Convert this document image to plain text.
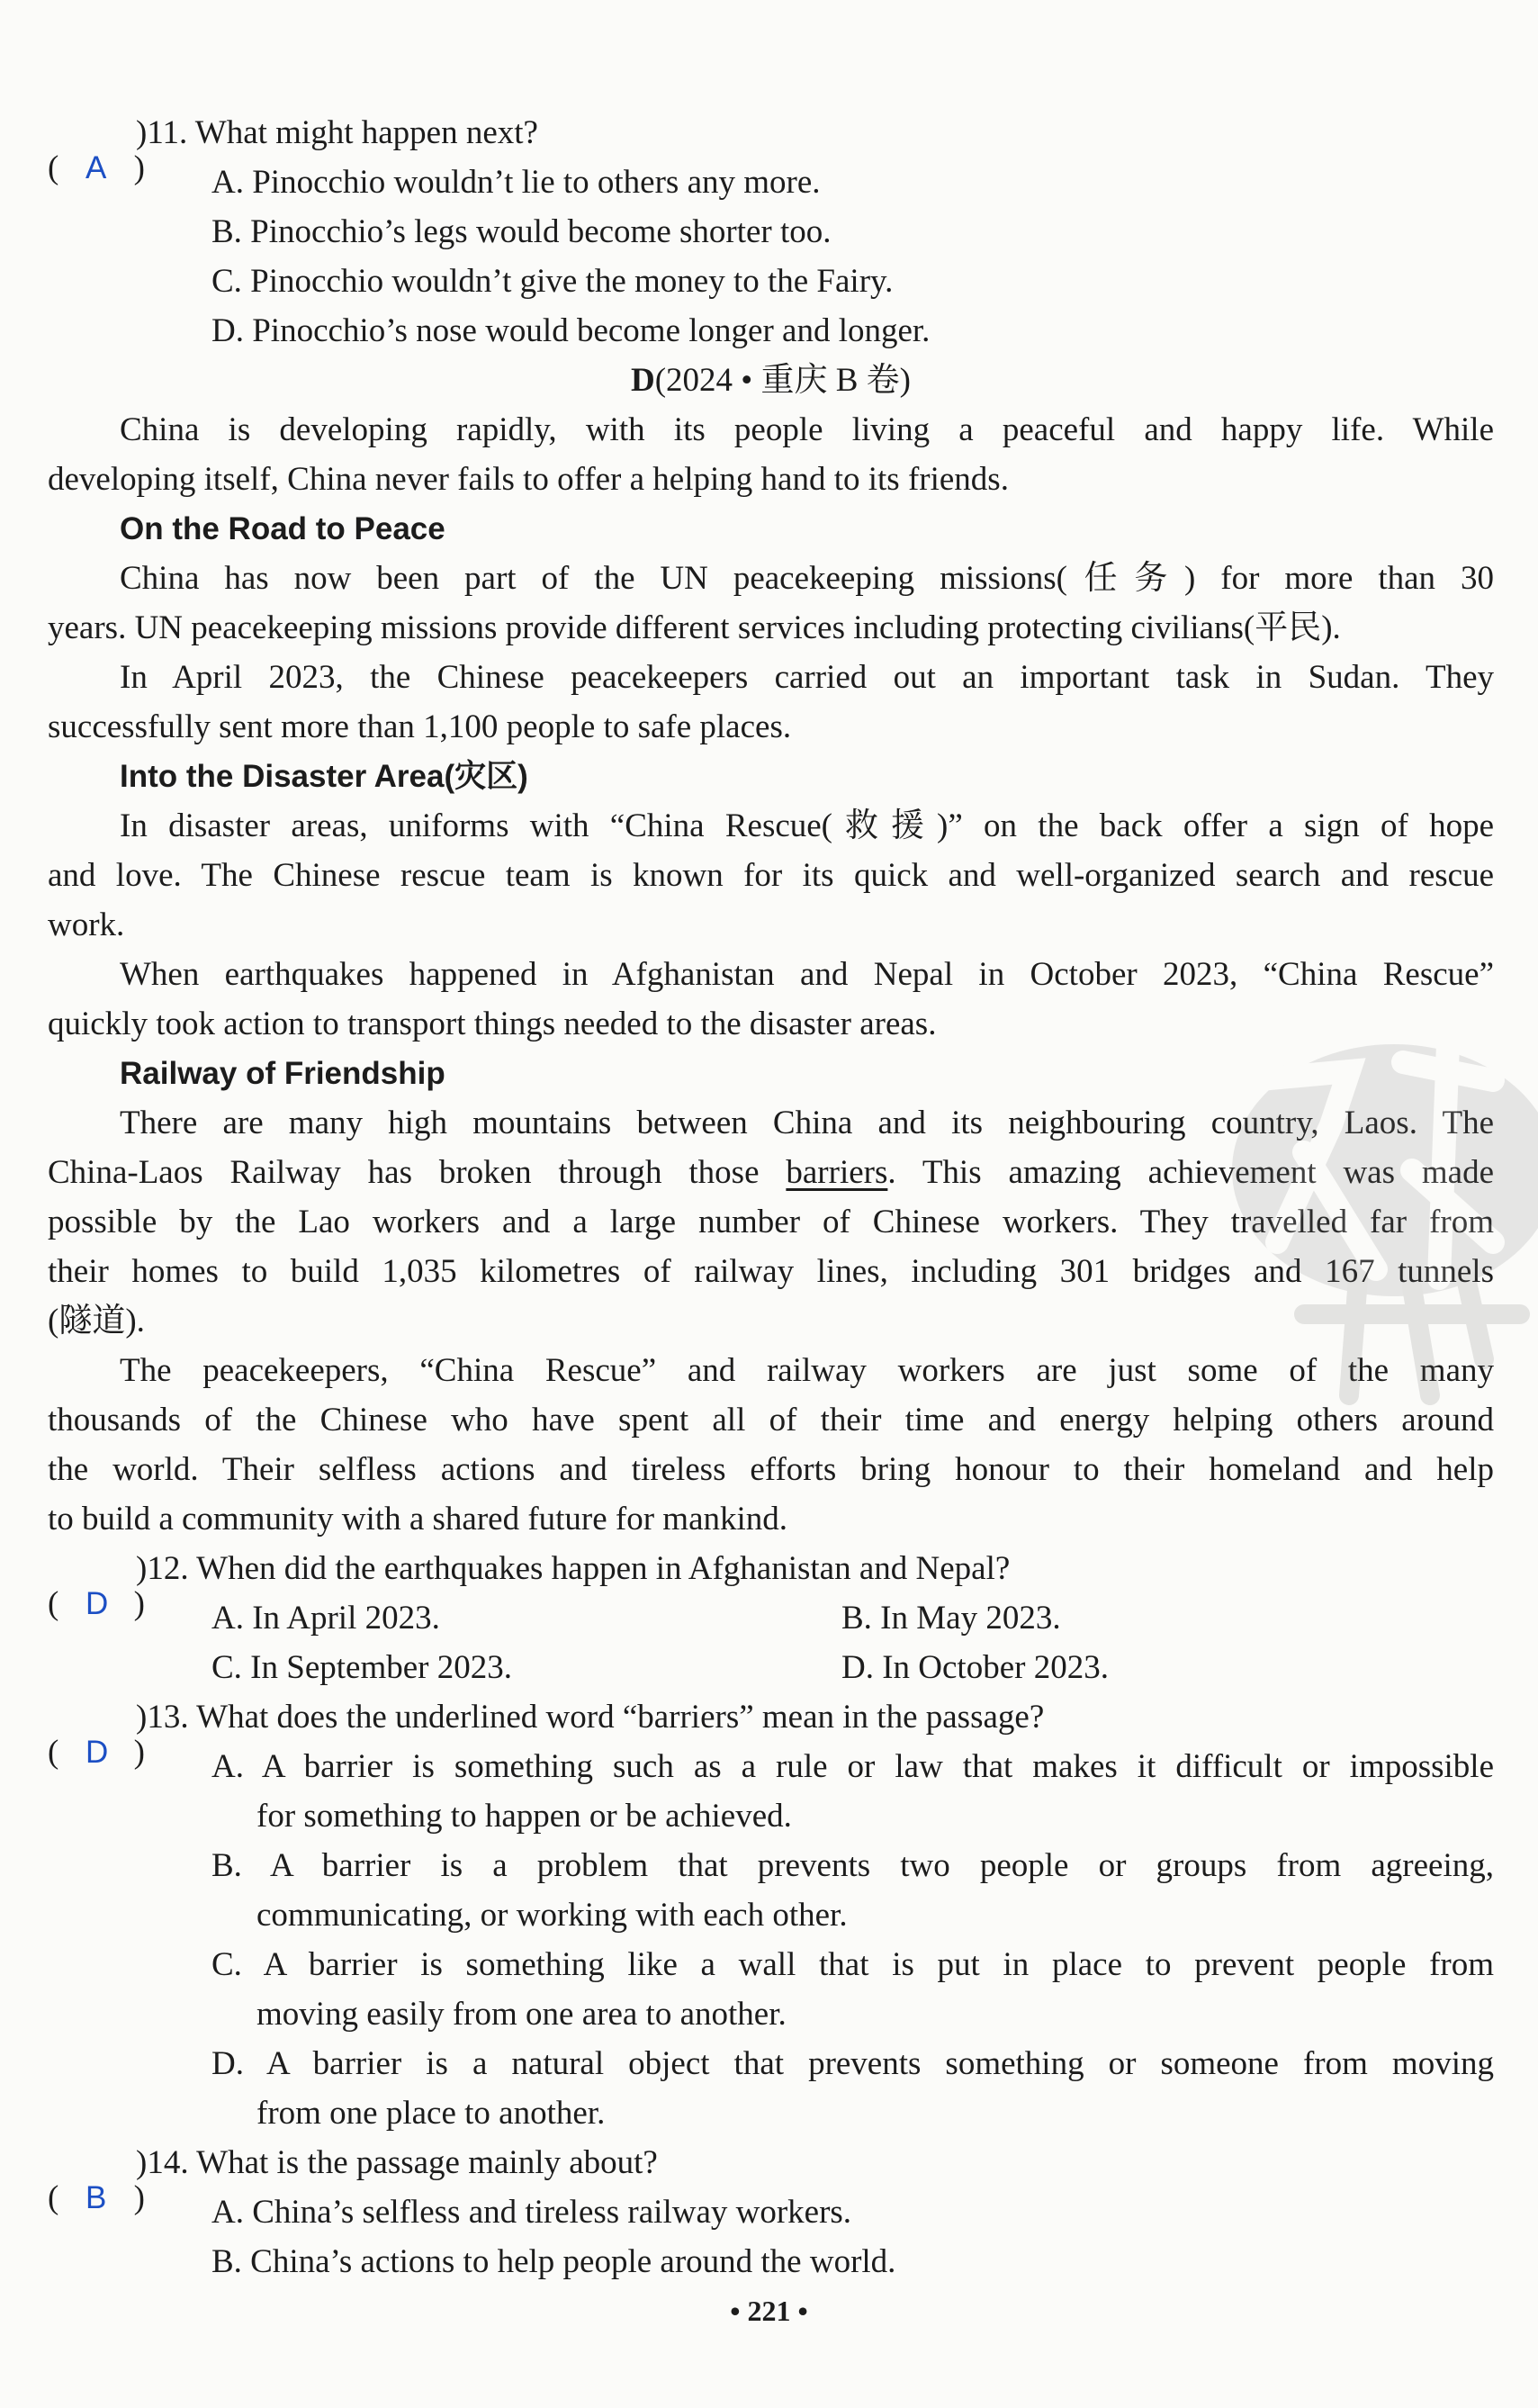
( A
)11. What might happen next?
A. Pinocchio wouldn’t lie to others any more.
B. Pinocchio’s legs would become shorter too.
C. Pinocchio wouldn’t give the money to the Fairy.
D. Pinocchio’s nose would become longer and longer.
D(2024 • 重庆 B 卷)
China is developing rapidly, with its people living a peaceful and happy life. While
developing itself, China never fails to offer a helping hand to its friends.
On the Road to Peace
China has now been part of the UN peacekeeping missions(任务) for more than 30
years. UN peacekeeping missions provide different services including protecting civilians(平民).
In April 2023, the Chinese peacekeepers carried out an important task in Sudan. They
successfully sent more than 1,100 people to safe places.
Into the Disaster Area(灾区)
In disaster areas, uniforms with “China Rescue(救援)” on the back offer a sign of hope
and love. The Chinese rescue team is known for its quick and well-organized search and rescue
work.
When earthquakes happened in Afghanistan and Nepal in October 2023, “China Rescue”
quickly took action to transport things needed to the disaster areas.
Railway of Friendship
There are many high mountains between China and its neighbouring country, Laos. The
China-Laos Railway has broken through those barriers. This amazing achievement was made
possible by the Lao workers and a large number of Chinese workers. They travelled far from
their homes to build 1,035 kilometres of railway lines, including 301 bridges and 167 tunnels
(隧道).
The peacekeepers, “China Rescue” and railway workers are just some of the many
thousands of the Chinese who have spent all of their time and energy helping others around
the world. Their selfless actions and tireless efforts bring honour to their homeland and help
to build a community with a shared future for mankind.
( D
)12. When did the earthquakes happen in Afghanistan and Nepal?
A. In April 2023.	B. In May 2023.
C. In September 2023.	D. In October 2023.
( D
)13. What does the underlined word “barriers” mean in the passage?
A. A barrier is something such as a rule or law that makes it difficult or impossible
for something to happen or be achieved.
B. A barrier is a problem that prevents two people or groups from agreeing,
communicating, or working with each other.
C. A barrier is something like a wall that is put in place to prevent people from
moving easily from one area to another.
D. A barrier is a natural object that prevents something or someone from moving
from one place to another.
( B
)14. What is the passage mainly about?
A. China’s selfless and tireless railway workers.
B. China’s actions to help people around the world.
• 221 •
